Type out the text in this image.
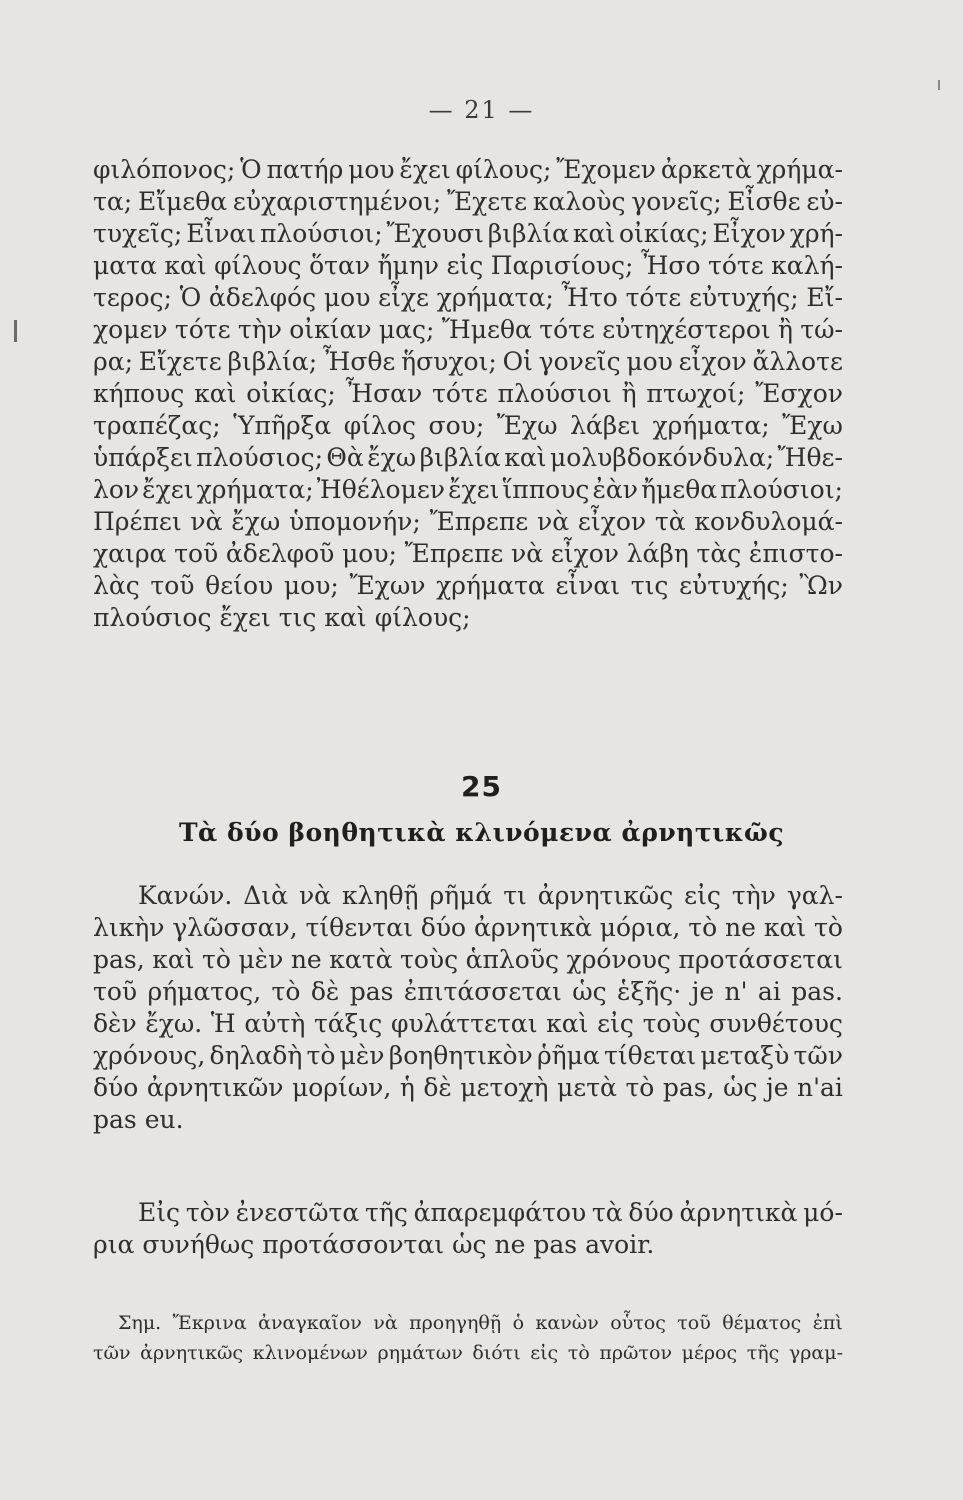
— 21 —
φιλόπονος; Ὁ πατήρ μου ἔχει φίλους; Ἔχομεν ἀρκετὰ χρήμα-
τα; Εἴμεθα εὐχαριστημένοι; Ἔχετε καλοὺς γονεῖς; Εἶσθε εὐ-
τυχεῖς; Εἶναι πλούσιοι; Ἔχουσι βιβλία καὶ οἰκίας; Εἶχον χρή-
ματα καὶ φίλους ὅταν ἤμην εἰς Παρισίους; Ἦσο τότε καλή-
τερος; Ὁ ἀδελφός μου εἶχε χρήματα; Ἦτο τότε εὐτυχής; Εἴ-
χομεν τότε τὴν οἰκίαν μας; Ἤμεθα τότε εὐτηχέστεροι ἢ τώ-
ρα; Εἴχετε βιβλία; Ἦσθε ἥσυχοι; Οἱ γονεῖς μου εἶχον ἄλλοτε
κήπους καὶ οἰκίας; Ἦσαν τότε πλούσιοι ἢ πτωχοί; Ἔσχον
τραπέζας; Ὑπῆρξα φίλος σου; Ἔχω λάβει χρήματα; Ἔχω
ὑπάρξει πλούσιος; Θὰ ἔχω βιβλία καὶ μολυβδοκόνδυλα; Ἤθε-
λον ἔχει χρήματα; Ἠθέλομεν ἔχει ἵππους ἐὰν ἤμεθα πλούσιοι;
Πρέπει νὰ ἔχω ὑπομονήν; Ἔπρεπε νὰ εἶχον τὰ κονδυλομά-
χαιρα τοῦ ἀδελφοῦ μου; Ἔπρεπε νὰ εἶχον λάβη τὰς ἐπιστο-
λὰς τοῦ θείου μου; Ἔχων χρήματα εἶναι τις εὐτυχής; Ὢν
πλούσιος ἔχει τις καὶ φίλους;
25
Τὰ δύο βοηθητικὰ κλινόμενα ἀρνητικῶς
Κανών. Διὰ νὰ κληθῇ ρῆμά τι ἀρνητικῶς εἰς τὴν γαλ-
λικὴν γλῶσσαν, τίθενται δύο ἀρνητικὰ μόρια, τὸ ne καὶ τὸ
pas, καὶ τὸ μὲν ne κατὰ τοὺς ἁπλοῦς χρόνους προτάσσεται
τοῦ ρήματος, τὸ δὲ pas ἐπιτάσσεται ὡς ἑξῆς· je n' ai pas.
δὲν ἔχω. Ἡ αὐτὴ τάξις φυλάττεται καὶ εἰς τοὺς συνθέτους
χρόνους, δηλαδὴ τὸ μὲν βοηθητικὸν ῥῆμα τίθεται μεταξὺ τῶν
δύο ἀρνητικῶν μορίων, ἡ δὲ μετοχὴ μετὰ τὸ pas, ὡς je n'ai
pas eu.
Εἰς τὸν ἐνεστῶτα τῆς ἀπαρεμφάτου τὰ δύο ἀρνητικὰ μό-
ρια συνήθως προτάσσονται ὡς ne pas avoir.
Σημ. Ἔκρινα ἀναγκαῖον νὰ προηγηθῇ ὁ κανὼν οὗτος τοῦ θέματος ἐπὶ
τῶν ἀρνητικῶς κλινομένων ρημάτων διότι εἰς τὸ πρῶτον μέρος τῆς γραμ-
